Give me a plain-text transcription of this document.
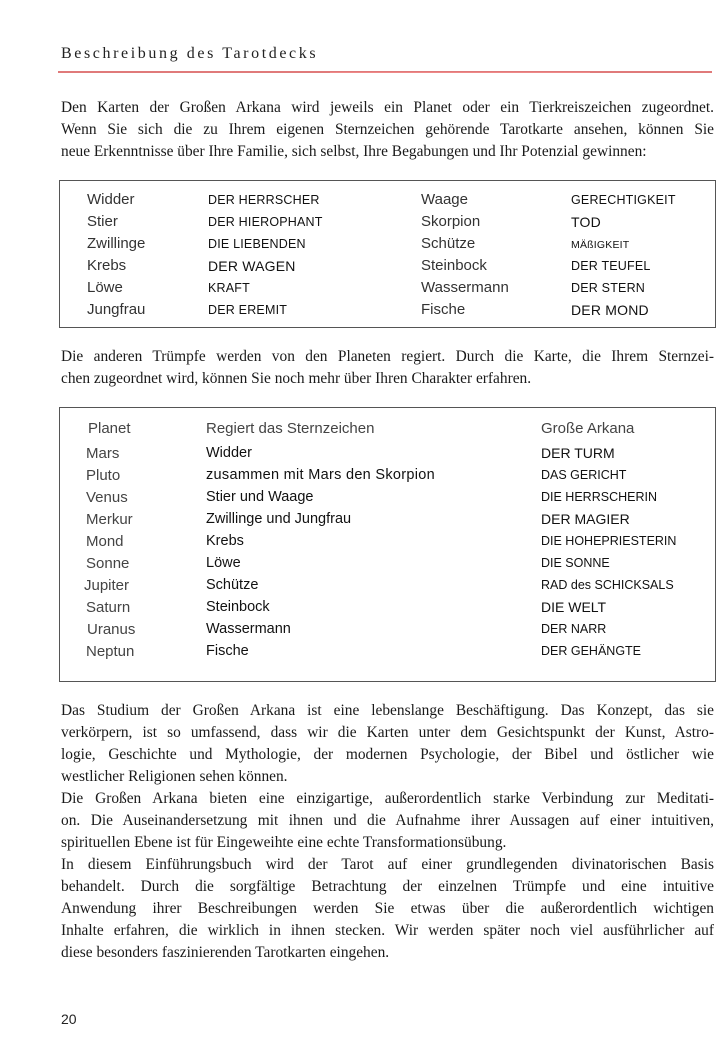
Beschreibung des Tarotdecks

Den Karten der Großen Arkana wird jeweils ein Planet oder ein Tierkreiszeichen zugeordnet.

Wenn Sie sich die zu Ihrem eigenen Sternzeichen gehörende Tarotkarte ansehen, können Sie

neue Erkenntnisse über Ihre Familie, sich selbst, Ihre Begabungen und Ihr Potenzial gewinnen:

Widder	DER HERRSCHER	Waage	GERECHTIGKEIT
Stier	DER HIEROPHANT	Skorpion	TOD
Zwillinge	DIE LIEBENDEN	Schütze	MÄßIGKEIT
Krebs	DER WAGEN	Steinbock	DER TEUFEL
Löwe	KRAFT	Wassermann	DER STERN
Jungfrau	DER EREMIT	Fische	DER MOND

Die anderen Trümpfe werden von den Planeten regiert. Durch die Karte, die Ihrem Sternzei-

chen zugeordnet wird, können Sie noch mehr über Ihren Charakter erfahren.

Planet	Regiert das Sternzeichen	Große Arkana
Mars	Widder	DER TURM
Pluto	zusammen mit Mars den Skorpion	DAS GERICHT
Venus	Stier und Waage	DIE HERRSCHERIN
Merkur	Zwillinge und Jungfrau	DER MAGIER
Mond	Krebs	DIE HOHEPRIESTERIN
Sonne	Löwe	DIE SONNE
Jupiter	Schütze	RAD des SCHICKSALS
Saturn	Steinbock	DIE WELT
Uranus	Wassermann	DER NARR
Neptun	Fische	DER GEHÄNGTE

Das Studium der Großen Arkana ist eine lebenslange Beschäftigung. Das Konzept, das sie

verkörpern, ist so umfassend, dass wir die Karten unter dem Gesichtspunkt der Kunst, Astro-

logie, Geschichte und Mythologie, der modernen Psychologie, der Bibel und östlicher wie

westlicher Religionen sehen können.

Die Großen Arkana bieten eine einzigartige, außerordentlich starke Verbindung zur Meditati-

on. Die Auseinandersetzung mit ihnen und die Aufnahme ihrer Aussagen auf einer intuitiven,

spirituellen Ebene ist für Eingeweihte eine echte Transformationsübung.

In diesem Einführungsbuch wird der Tarot auf einer grundlegenden divinatorischen Basis

behandelt. Durch die sorgfältige Betrachtung der einzelnen Trümpfe und eine intuitive

Anwendung ihrer Beschreibungen werden Sie etwas über die außerordentlich wichtigen

Inhalte erfahren, die wirklich in ihnen stecken. Wir werden später noch viel ausführlicher auf

diese besonders faszinierenden Tarotkarten eingehen.

20
